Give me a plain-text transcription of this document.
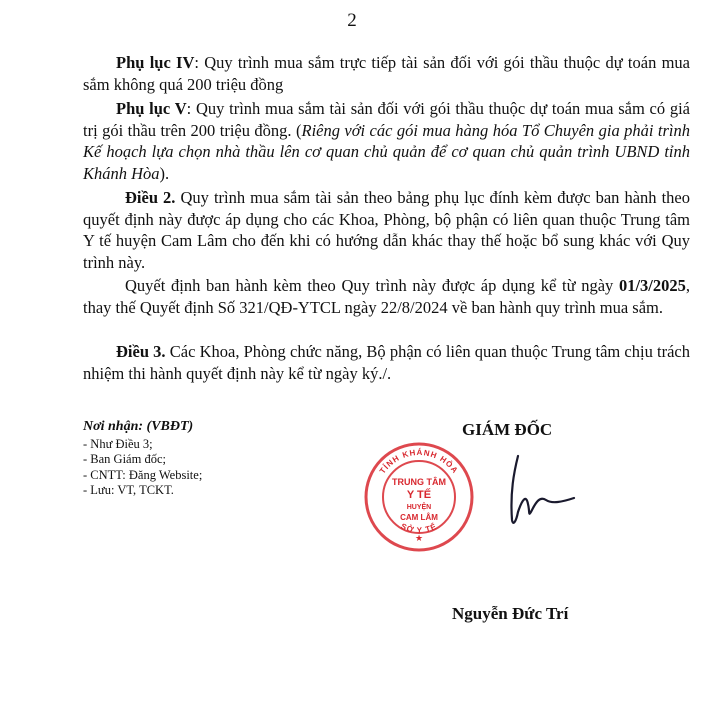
2

Phụ lục IV: Quy trình mua sắm trực tiếp tài sản đối với gói thầu thuộc dự toán mua sắm không quá 200 triệu đồng

Phụ lục V: Quy trình mua sắm tài sản đối với gói thầu thuộc dự toán mua sắm có giá trị gói thầu trên 200 triệu đồng. (Riêng với các gói mua hàng hóa Tổ Chuyên gia phải trình Kế hoạch lựa chọn nhà thầu lên cơ quan chủ quản để cơ quan chủ quản trình UBND tỉnh Khánh Hòa).

Điều 2. Quy trình mua sắm tài sản theo bảng phụ lục đính kèm được ban hành theo quyết định này được áp dụng cho các Khoa, Phòng, bộ phận có liên quan thuộc Trung tâm Y tế huyện Cam Lâm cho đến khi có hướng dẫn khác thay thế hoặc bổ sung khác với Quy trình này.

Quyết định ban hành kèm theo Quy trình này được áp dụng kể từ ngày 01/3/2025, thay thế Quyết định Số 321/QĐ-YTCL ngày 22/8/2024 về ban hành quy trình mua sắm.

Điều 3. Các Khoa, Phòng chức năng, Bộ phận có liên quan thuộc Trung tâm chịu trách nhiệm thi hành quyết định này kể từ ngày ký./.

Nơi nhận: (VBĐT)
- Như Điều 3;
- Ban Giám đốc;
- CNTT: Đăng Website;
- Lưu: VT, TCKT.
GIÁM ĐỐC
TỈNH KHÁNH HÒA
SỞ Y TẾ
TRUNG TÂM
Y TẾ
HUYỆN
CAM LÂM
★
Nguyễn Đức Trí
